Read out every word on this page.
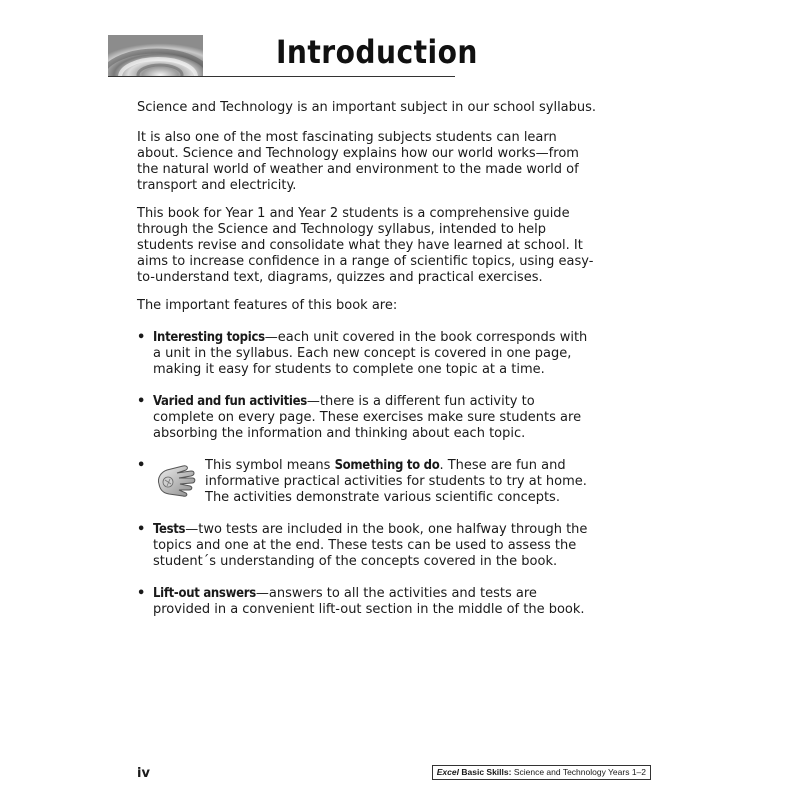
Introduction

Science and Technology is an important subject in our school syllabus.

It is also one of the most fascinating subjects students can learn about. Science and Technology explains how our world works—from the natural world of weather and environment to the made world of transport and electricity.

This book for Year 1 and Year 2 students is a comprehensive guide through the Science and Technology syllabus, intended to help students revise and consolidate what they have learned at school. It aims to increase confidence in a range of scientific topics, using easy-to-understand text, diagrams, quizzes and practical exercises.

The important features of this book are:

• Interesting topics—each unit covered in the book corresponds with a unit in the syllabus. Each new concept is covered in one page, making it easy for students to complete one topic at a time.
• Varied and fun activities—there is a different fun activity to complete on every page. These exercises make sure students are absorbing the information and thinking about each topic.
• This symbol means Something to do. These are fun and informative practical activities for students to try at home. The activities demonstrate various scientific concepts.
• Tests—two tests are included in the book, one halfway through the topics and one at the end. These tests can be used to assess the student´s understanding of the concepts covered in the book.
• Lift-out answers—answers to all the activities and tests are provided in a convenient lift-out section in the middle of the book.
iv	Excel Basic Skills: Science and Technology Years 1–2
